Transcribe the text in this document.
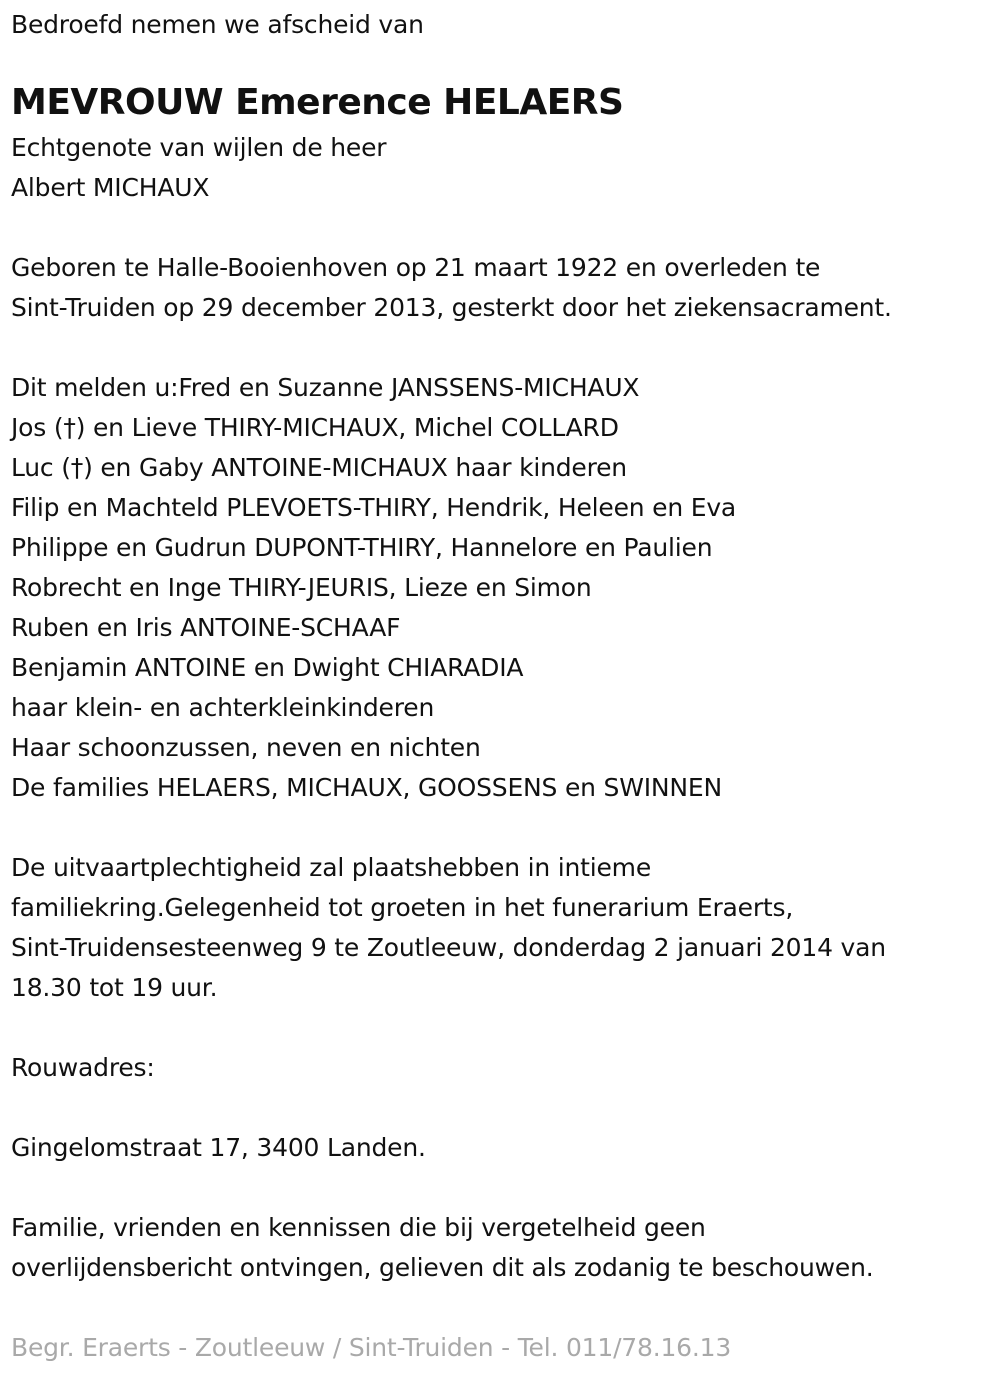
Bedroefd nemen we afscheid van
MEVROUW Emerence HELAERS
Echtgenote van wijlen de heer
Albert MICHAUX
Geboren te Halle-Booienhoven op 21 maart 1922 en overleden te
Sint-Truiden op 29 december 2013, gesterkt door het ziekensacrament.
Dit melden u:Fred en Suzanne JANSSENS-MICHAUX
Jos (†) en Lieve THIRY-MICHAUX, Michel COLLARD
Luc (†) en Gaby ANTOINE-MICHAUX haar kinderen
Filip en Machteld PLEVOETS-THIRY, Hendrik, Heleen en Eva
Philippe en Gudrun DUPONT-THIRY, Hannelore en Paulien
Robrecht en Inge THIRY-JEURIS, Lieze en Simon
Ruben en Iris ANTOINE-SCHAAF
Benjamin ANTOINE en Dwight CHIARADIA
haar klein- en achterkleinkinderen
Haar schoonzussen, neven en nichten
De families HELAERS, MICHAUX, GOOSSENS en SWINNEN
De uitvaartplechtigheid zal plaatshebben in intieme
familiekring.Gelegenheid tot groeten in het funerarium Eraerts,
Sint-Truidensesteenweg 9 te Zoutleeuw, donderdag 2 januari 2014 van
18.30 tot 19 uur.
Rouwadres:
Gingelomstraat 17, 3400 Landen.
Familie, vrienden en kennissen die bij vergetelheid geen
overlijdensbericht ontvingen, gelieven dit als zodanig te beschouwen.
Begr. Eraerts - Zoutleeuw / Sint-Truiden - Tel. 011/78.16.13
